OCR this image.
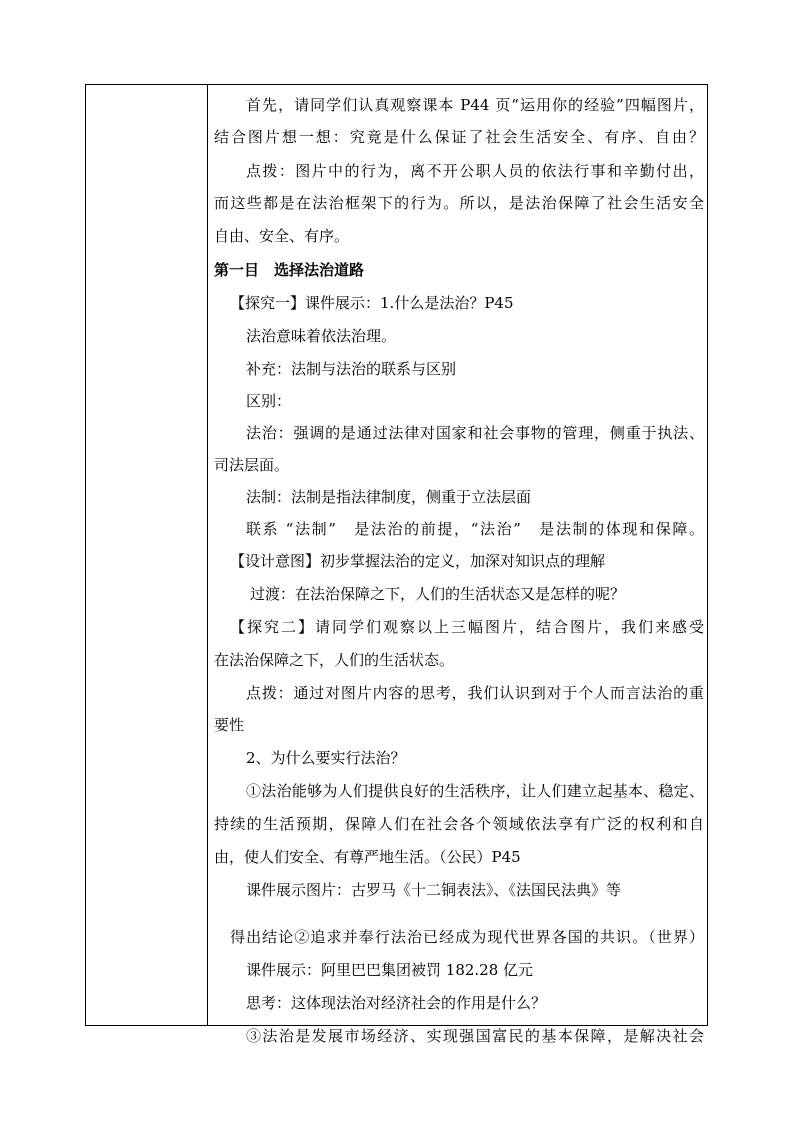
首先，请同学们认真观察课本 P44 页“运用你的经验”四幅图片，
结合图片想一想：究竟是什么保证了社会生活安全、有序、自由？
点拨：图片中的行为，离不开公职人员的依法行事和辛勤付出，
而这些都是在法治框架下的行为。所以，是法治保障了社会生活安全
自由、安全、有序。
第一目　选择法治道路
【探究一】课件展示：1.什么是法治？P45
法治意味着依法治理。
补充：法制与法治的联系与区别
区别：
法治：强调的是通过法律对国家和社会事物的管理，侧重于执法、
司法层面。
法制：法制是指法律制度，侧重于立法层面
联系 “法制”　是法治的前提，“法治”　是法制的体现和保障。
【设计意图】初步掌握法治的定义，加深对知识点的理解
过渡：在法治保障之下，人们的生活状态又是怎样的呢？
【探究二】请同学们观察以上三幅图片，结合图片，我们来感受
在法治保障之下，人们的生活状态。
点拨：通过对图片内容的思考，我们认识到对于个人而言法治的重
要性
2、为什么要实行法治？
①法治能够为人们提供良好的生活秩序，让人们建立起基本、稳定、
持续的生活预期，保障人们在社会各个领域依法享有广泛的权利和自
由，使人们安全、有尊严地生活。（公民）P45
课件展示图片：古罗马《十二铜表法》、《法国民法典》等
得出结论②追求并奉行法治已经成为现代世界各国的共识。（世界）
课件展示：阿里巴巴集团被罚 182.28 亿元
思考：这体现法治对经济社会的作用是什么？
③法治是发展市场经济、实现强国富民的基本保障，是解决社会
